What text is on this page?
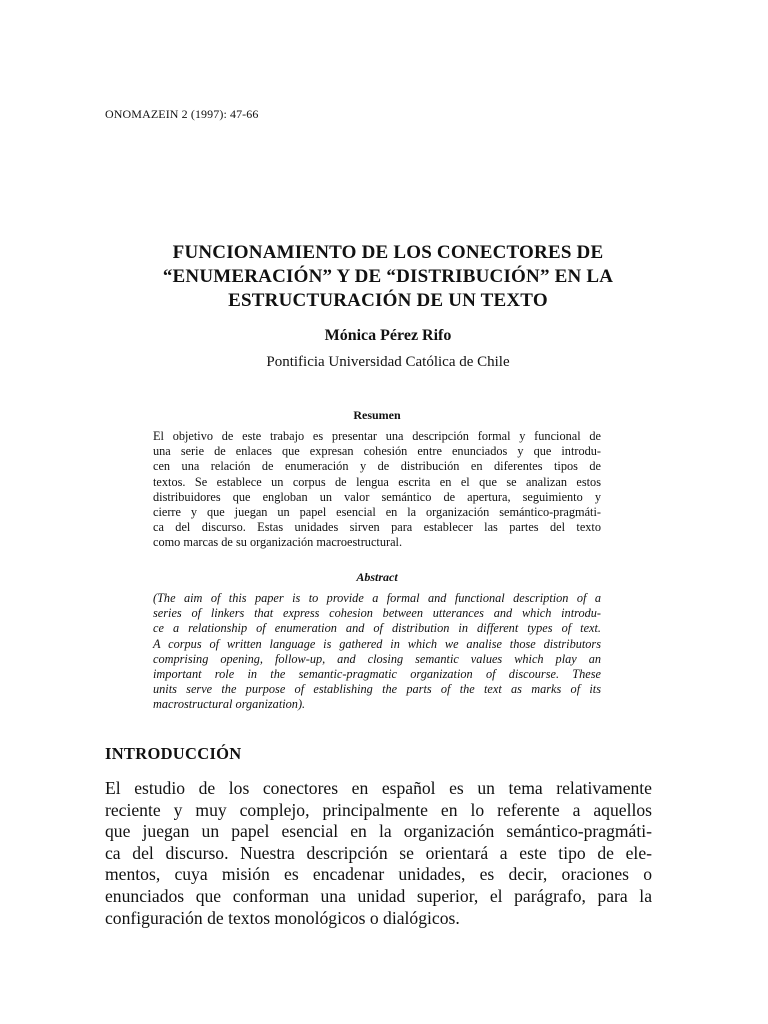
ONOMAZEIN 2 (1997): 47-66
FUNCIONAMIENTO DE LOS CONECTORES DE
“ENUMERACIÓN” Y DE “DISTRIBUCIÓN” EN LA
ESTRUCTURACIÓN DE UN TEXTO
Mónica Pérez Rifo
Pontificia Universidad Católica de Chile
Resumen
El objetivo de este trabajo es presentar una descripción formal y funcional de
una serie de enlaces que expresan cohesión entre enunciados y que introdu-
cen una relación de enumeración y de distribución en diferentes tipos de
textos. Se establece un corpus de lengua escrita en el que se analizan estos
distribuidores que engloban un valor semántico de apertura, seguimiento y
cierre y que juegan un papel esencial en la organización semántico-pragmáti-
ca del discurso. Estas unidades sirven para establecer las partes del texto
como marcas de su organización macroestructural.
Abstract
(The aim of this paper is to provide a formal and functional description of a
series of linkers that express cohesion between utterances and which introdu-
ce a relationship of enumeration and of distribution in different types of text.
A corpus of written language is gathered in which we analise those distributors
comprising opening, follow-up, and closing semantic values which play an
important role in the semantic-pragmatic organization of discourse. These
units serve the purpose of establishing the parts of the text as marks of its
macrostructural organization).
INTRODUCCIÓN
El estudio de los conectores en español es un tema relativamente
reciente y muy complejo, principalmente en lo referente a aquellos
que juegan un papel esencial en la organización semántico-pragmáti-
ca del discurso. Nuestra descripción se orientará a este tipo de ele-
mentos, cuya misión es encadenar unidades, es decir, oraciones o
enunciados que conforman una unidad superior, el parágrafo, para la
configuración de textos monológicos o dialógicos.
